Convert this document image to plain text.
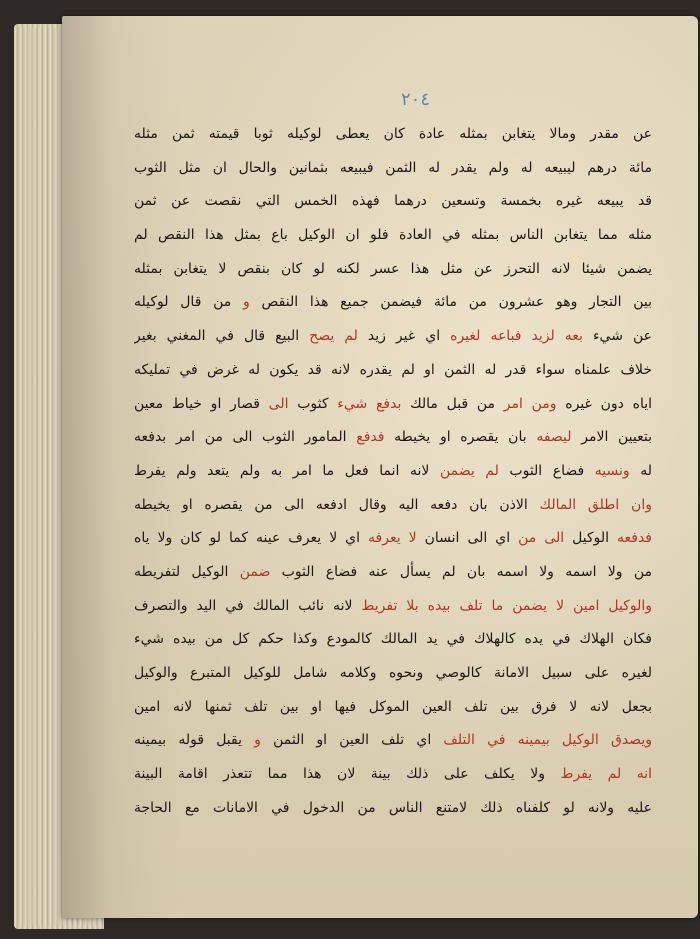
٢٠٤
عن مقدر ومالا يتغابن بمثله عادة كان يعطى لوكيله ثوبا قيمته ثمن مثله
مائة درهم ليبيعه له ولم يقدر له الثمن فيبيعه بثمانين والحال ان مثل الثوب
قد يبيعه غيره بخمسة وتسعين درهما فهذه الخمس التي نقصت عن ثمن
مثله مما يتغابن الناس بمثله في العادة فلو ان الوكيل باع بمثل هذا النقص لم
يضمن شيئا لانه التحرز عن مثل هذا عسر لكنه لو كان بنقص لا يتغابن بمثله
بين التجار وهو عشرون من مائة فيضمن جميع هذا النقص و من قال لوكيله
عن شيء بعه لزيد فباعه لغيره اي غير زيد لم يصح البيع قال في المغني بغير
خلاف علمناه سواء قدر له الثمن او لم يقدره لانه قد يكون له غرض في تمليكه
اياه دون غيره ومن امر من قبل مالك بدفع شيء كثوب الى قصار او خياط معين
بتعيين الامر ليصفه بان يقصره او يخيطه فدفع المامور الثوب الى من امر بدفعه
له ونسيه فضاع الثوب لم يضمن لانه انما فعل ما امر به ولم يتعد ولم يفرط
وان اطلق المالك الاذن بان دفعه اليه وقال ادفعه الى من يقصره او يخيطه
فدفعه الوكيل الى من اي الى انسان لا يعرفه اي لا يعرف عينه كما لو كان ولا ياه
من ولا اسمه ولا اسمه بان لم يسأل عنه فضاع الثوب ضمن الوكيل لتفريطه
والوكيل امين لا يضمن ما تلف بيده بلا تفريط لانه نائب المالك في اليد والتصرف
فكان الهلاك في يده كالهلاك في يد المالك كالمودع وكذا حكم كل من بيده شيء
لغيره على سبيل الامانة كالوصي ونحوه وكلامه شامل للوكيل المتبرع والوكيل
بجعل لانه لا فرق بين تلف العين الموكل فيها او بين تلف ثمنها لانه امين
ويصدق الوكيل بيمينه في التلف اي تلف العين او الثمن و يقبل قوله بيمينه
انه لم يفرط ولا يكلف على ذلك بينة لان هذا مما تتعذر اقامة البينة
عليه ولانه لو كلفناه ذلك لامتنع الناس من الدخول في الامانات مع الحاجة
